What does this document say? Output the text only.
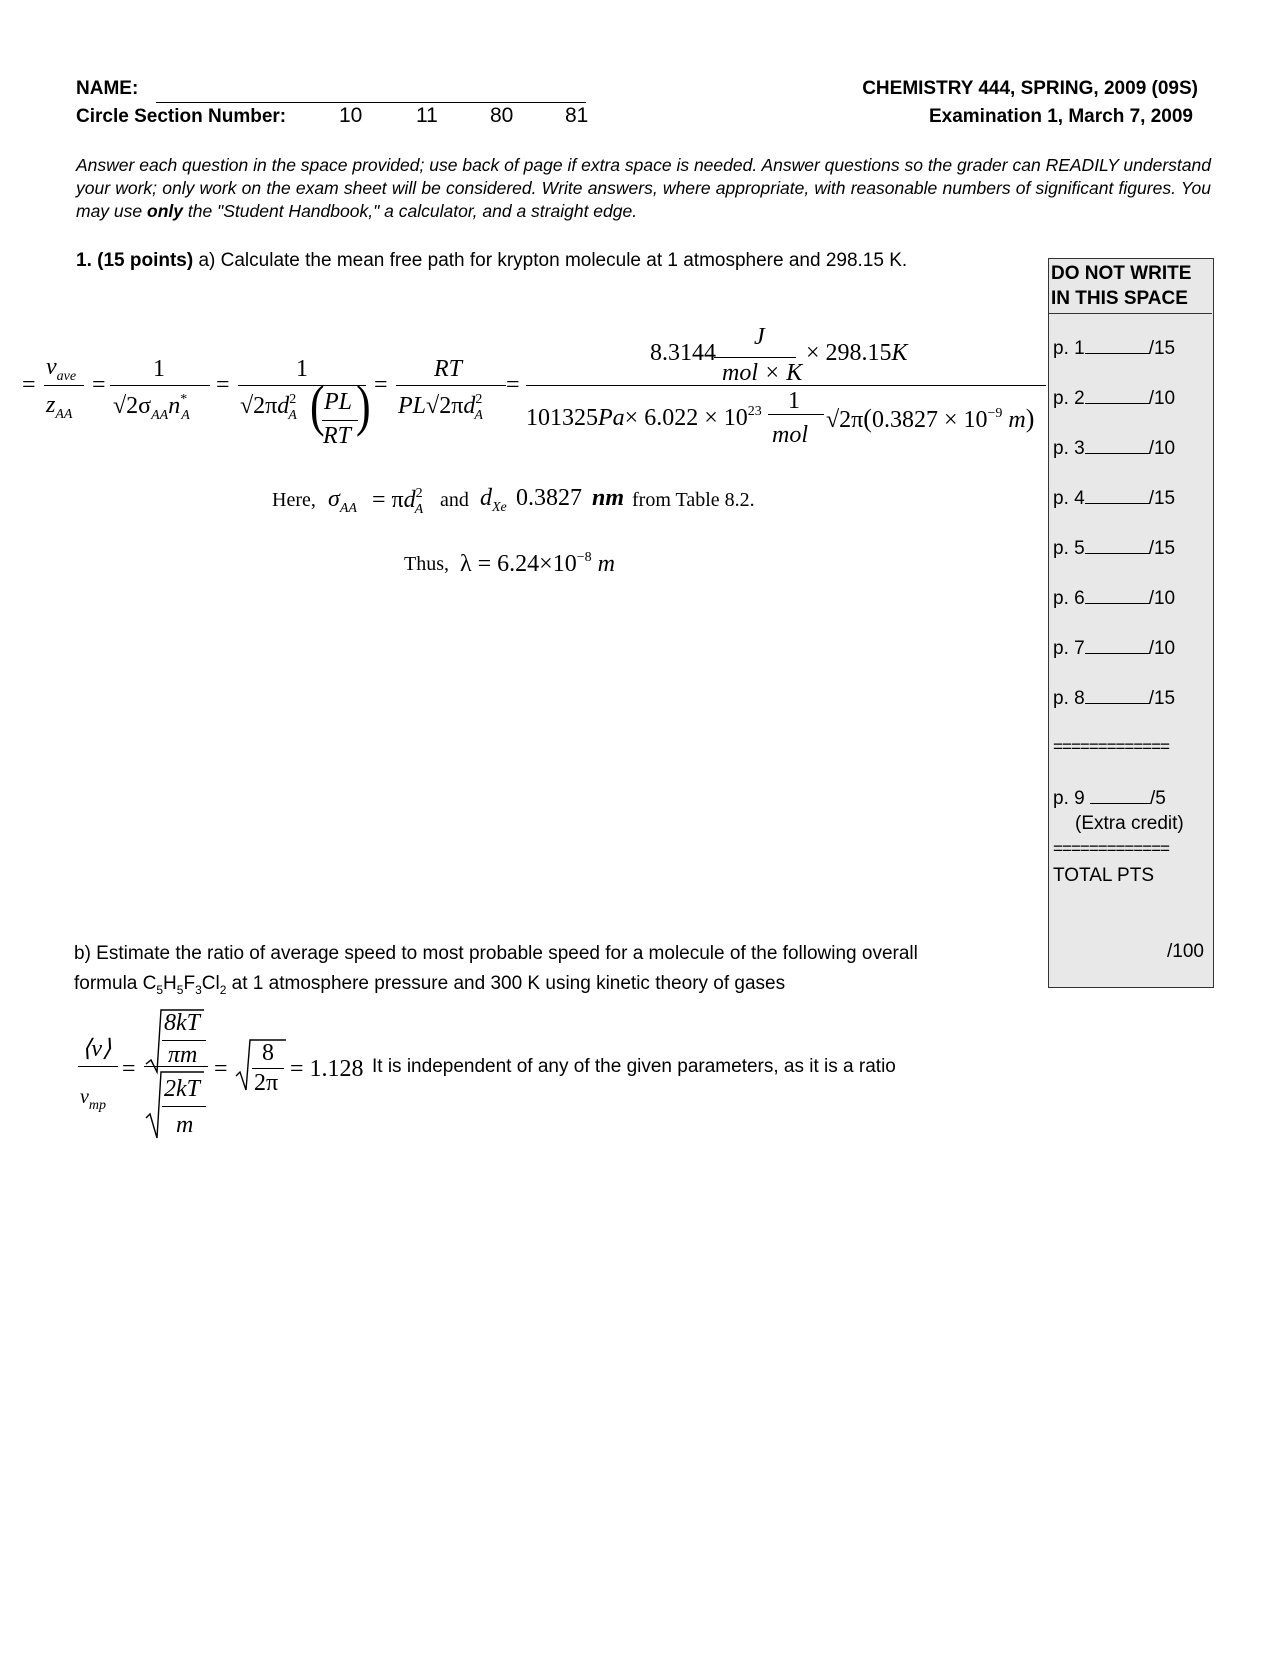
NAME:
Circle Section Number:	10	11 80 81
CHEMISTRY 444, SPRING, 2009 (09S)
Examination 1, March 7, 2009
Answer each question in the space provided; use back of page if extra space is needed. Answer questions so the grader can READILY understand your work; only work on the exam sheet will be considered. Write answers, where appropriate, with reasonable numbers of significant figures. You may use only the "Student Handbook," a calculator, and a straight edge.
1. (15 points) a) Calculate the mean free path for krypton molecule at 1 atmosphere and 298.15 K.
=
$v_{ave}$
$z_{AA}$
=
1
$√2\sigma_{AA}n^*_A$
=
1
$√2\pi d^2_A$ ( PL
RT ) =
RT
$PL√2\pi d^2_A$
=
8.3144
J
mol × K
× 298.15K
$101325Pa\times 6.022 \times 10^{23}$ 1
mol
$√2\pi(0.3827 \times 10^{-9}$ m)
Here, $\sigma_{AA} = \pi d^2_A$ and $d_{Xe}$ 0.3827 nm from Table 8.2.
Thus, $\lambda = 6.24\times 10^{-8}$ m
b) Estimate the ratio of average speed to most probable speed for a molecule of the following overall
formula $C_5H_5F_3Cl_2$ at 1 atmosphere pressure and 300 K using kinetic theory of gases
⟨v⟩
$v_{mp}$
=
8kT
πm
2kT
m
=
8
2π
= 1.128 It is independent of any of the given parameters, as it is a ratio
DO NOT WRITE
IN THIS SPACE
p. 1	/15
p. 2	/10
p. 3	/10
p. 4	/15
p. 5	/15
p. 6	/10
p. 7	/10
p. 8	/15
=============
p. 9	/5
(Extra credit)
=============
TOTAL PTS
/100
